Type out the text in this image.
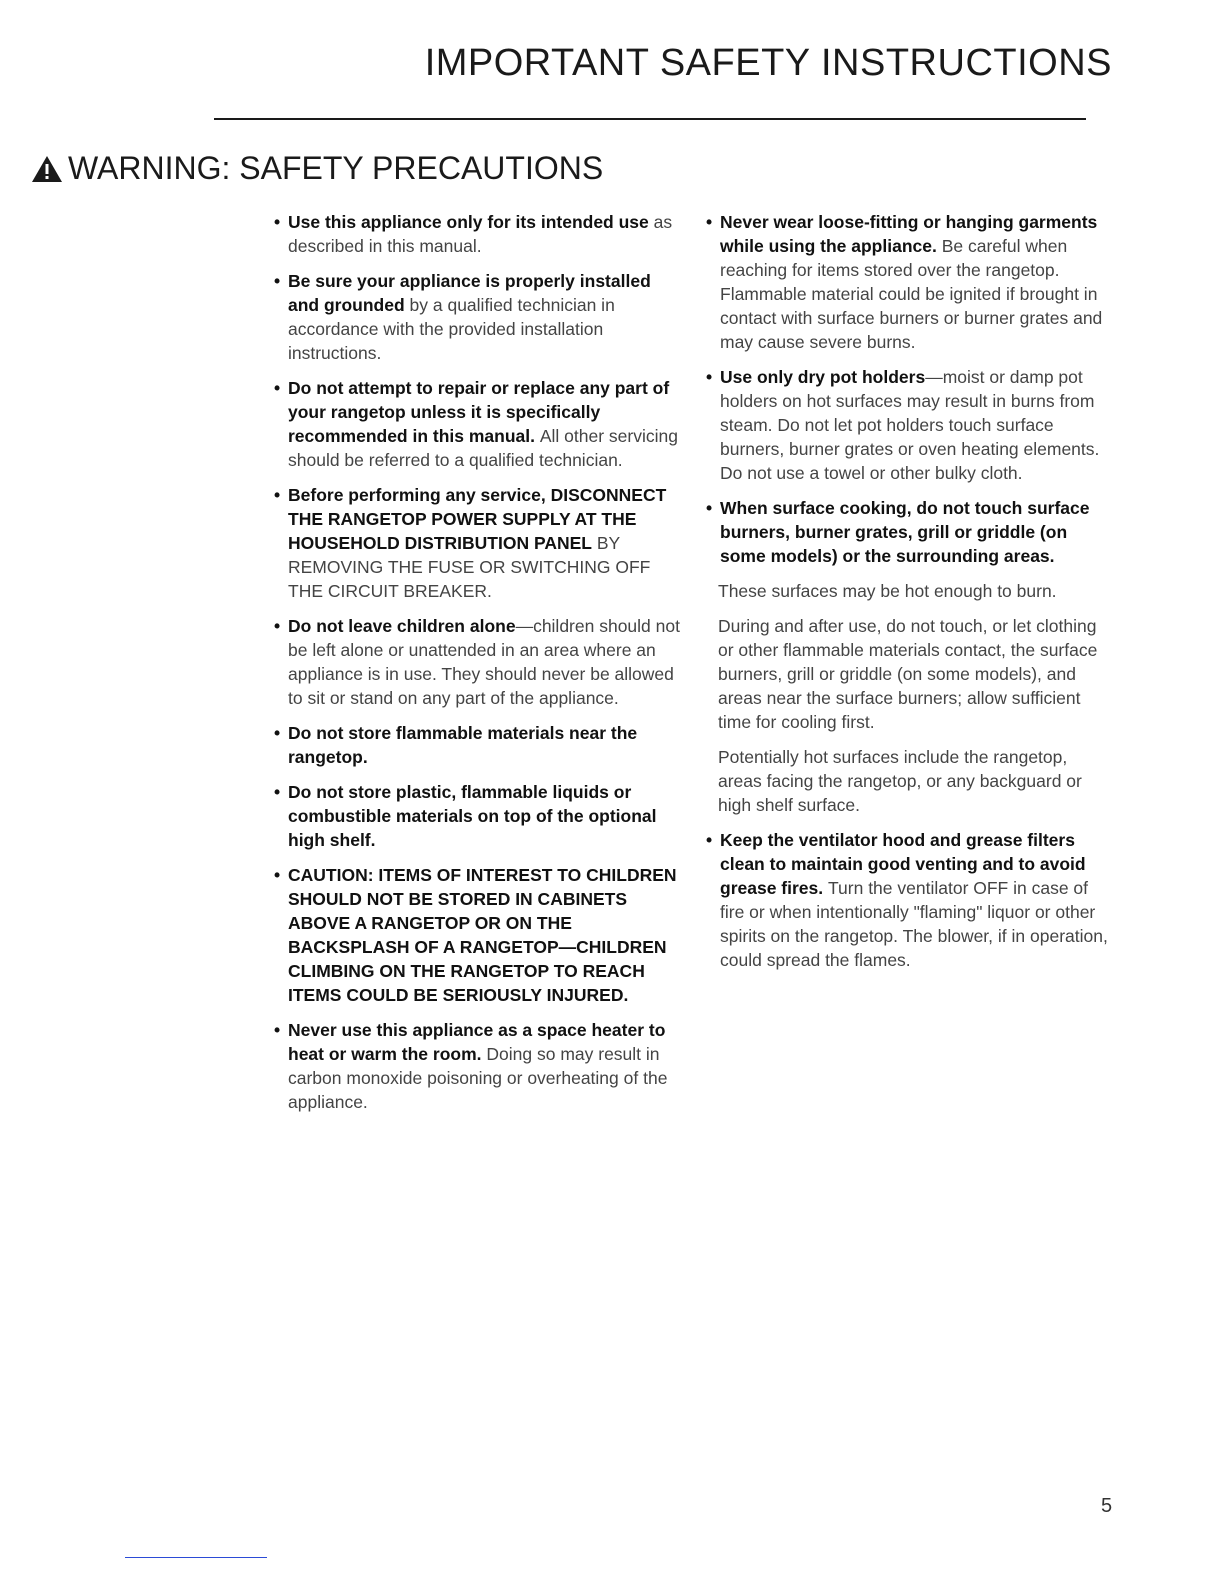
IMPORTANT SAFETY INSTRUCTIONS
WARNING: SAFETY PRECAUTIONS
• Use this appliance only for its intended use as described in this manual.
• Be sure your appliance is properly installed and grounded by a qualified technician in accordance with the provided installation instructions.
• Do not attempt to repair or replace any part of your rangetop unless it is specifically recommended in this manual. All other servicing should be referred to a qualified technician.
• Before performing any service, DISCONNECT THE RANGETOP POWER SUPPLY AT THE HOUSEHOLD DISTRIBUTION PANEL BY REMOVING THE FUSE OR SWITCHING OFF THE CIRCUIT BREAKER.
• Do not leave children alone—children should not be left alone or unattended in an area where an appliance is in use. They should never be allowed to sit or stand on any part of the appliance.
• Do not store flammable materials near the rangetop.
• Do not store plastic, flammable liquids or combustible materials on top of the optional high shelf.
• CAUTION: ITEMS OF INTEREST TO CHILDREN SHOULD NOT BE STORED IN CABINETS ABOVE A RANGETOP OR ON THE BACKSPLASH OF A RANGETOP—CHILDREN CLIMBING ON THE RANGETOP TO REACH ITEMS COULD BE SERIOUSLY INJURED.
• Never use this appliance as a space heater to heat or warm the room. Doing so may result in carbon monoxide poisoning or overheating of the appliance.
• Never wear loose-fitting or hanging garments while using the appliance. Be careful when reaching for items stored over the rangetop. Flammable material could be ignited if brought in contact with surface burners or burner grates and may cause severe burns.
• Use only dry pot holders—moist or damp pot holders on hot surfaces may result in burns from steam. Do not let pot holders touch surface burners, burner grates or oven heating elements. Do not use a towel or other bulky cloth.
• When surface cooking, do not touch surface burners, burner grates, grill or griddle (on some models) or the surrounding areas.

These surfaces may be hot enough to burn.

During and after use, do not touch, or let clothing or other flammable materials contact, the surface burners, grill or griddle (on some models), and areas near the surface burners; allow sufficient time for cooling first.

Potentially hot surfaces include the rangetop, areas facing the rangetop, or any backguard or high shelf surface.

• Keep the ventilator hood and grease filters clean to maintain good venting and to avoid grease fires. Turn the ventilator OFF in case of fire or when intentionally "flaming" liquor or other spirits on the rangetop. The blower, if in operation, could spread the flames.
5
